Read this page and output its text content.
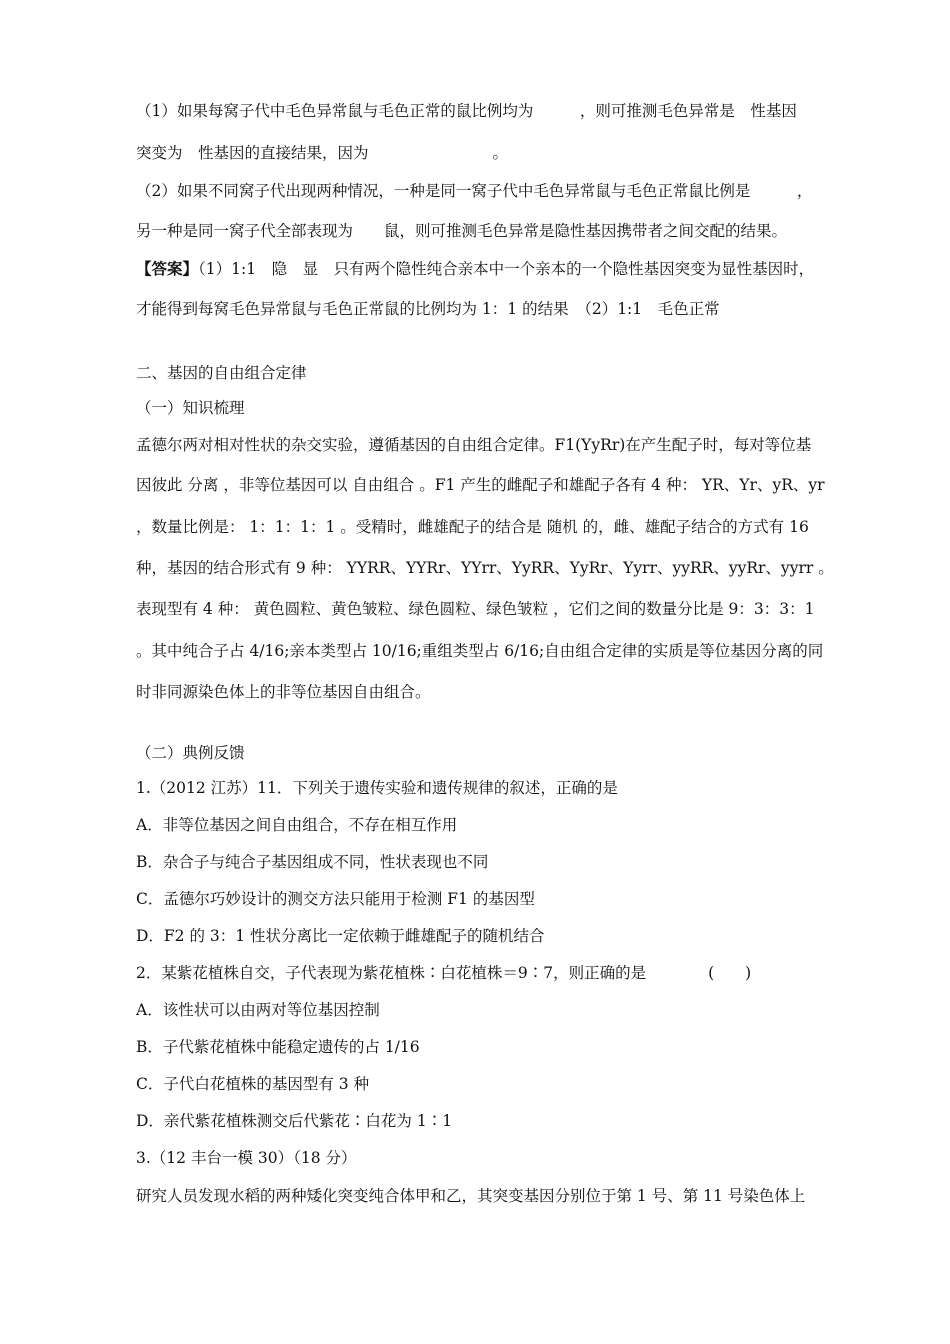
（1）如果每窝子代中毛色异常鼠与毛色正常的鼠比例均为　　　，则可推测毛色异常是　性基因
突变为　性基因的直接结果，因为　　　　　　　　。
（2）如果不同窝子代出现两种情况，一种是同一窝子代中毛色异常鼠与毛色正常鼠比例是　　　，
另一种是同一窝子代全部表现为　　鼠，则可推测毛色异常是隐性基因携带者之间交配的结果。
【答案】（1）1:1　隐　显　只有两个隐性纯合亲本中一个亲本的一个隐性基因突变为显性基因时，
才能得到每窝毛色异常鼠与毛色正常鼠的比例均为 1：1 的结果　（2）1:1　毛色正常
二、基因的自由组合定律
（一）知识梳理
孟德尔两对相对性状的杂交实验，遵循基因的自由组合定律。F1(YyRr)在产生配子时，每对等位基
因彼此 分离 ，非等位基因可以 自由组合 。F1 产生的雌配子和雄配子各有 4 种： YR、Yr、yR、yr
，数量比例是： 1：1：1：1 。受精时，雌雄配子的结合是 随机 的，雌、雄配子结合的方式有 16
种，基因的结合形式有 9 种： YYRR、YYRr、YYrr、YyRR、YyRr、Yyrr、yyRR、yyRr、yyrr 。
表现型有 4 种： 黄色圆粒、黄色皱粒、绿色圆粒、绿色皱粒 ，它们之间的数量分比是 9：3：3：1
。其中纯合子占 4/16;亲本类型占 10/16;重组类型占 6/16;自由组合定律的实质是等位基因分离的同
时非同源染色体上的非等位基因自由组合。
（二）典例反馈
1.（2012 江苏）11．下列关于遗传实验和遗传规律的叙述，正确的是
A．非等位基因之间自由组合，不存在相互作用
B．杂合子与纯合子基因组成不同，性状表现也不同
C．孟德尔巧妙设计的测交方法只能用于检测 F1 的基因型
D．F2 的 3：1 性状分离比一定依赖于雌雄配子的随机结合
2．某紫花植株自交，子代表现为紫花植株∶白花植株＝9∶7，则正确的是　　　　(　　)
A．该性状可以由两对等位基因控制
B．子代紫花植株中能稳定遗传的占 1/16
C．子代白花植株的基因型有 3 种
D．亲代紫花植株测交后代紫花∶白花为 1∶1
3.（12 丰台一模 30）（18 分）
研究人员发现水稻的两种矮化突变纯合体甲和乙，其突变基因分别位于第 1 号、第 11 号染色体上
